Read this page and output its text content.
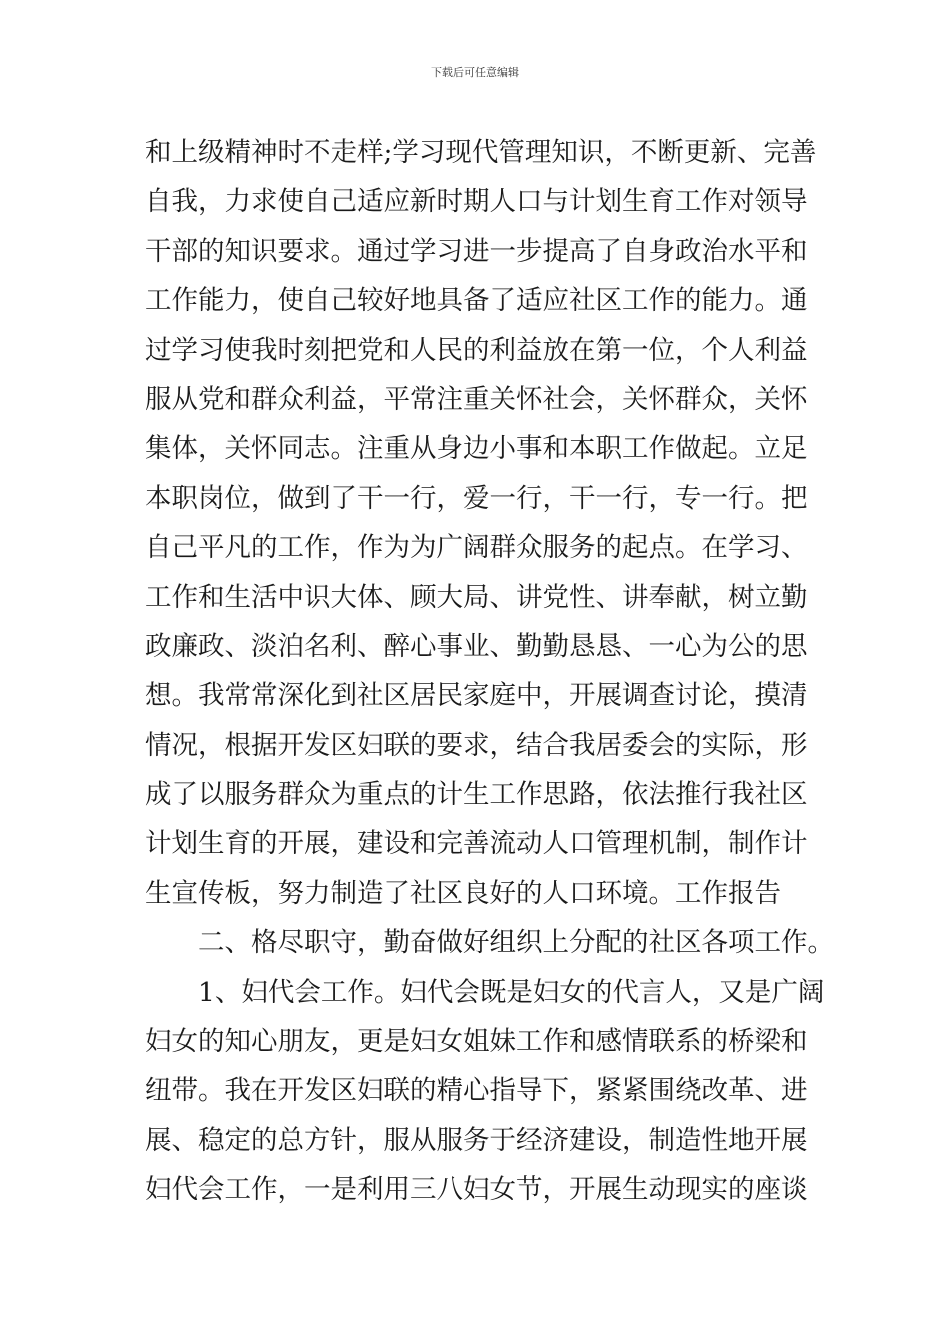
下载后可任意编辑
和上级精神时不走样;学习现代管理知识，不断更新、完善
自我，力求使自己适应新时期人口与计划生育工作对领导
干部的知识要求。通过学习进一步提高了自身政治水平和
工作能力，使自己较好地具备了适应社区工作的能力。通
过学习使我时刻把党和人民的利益放在第一位，个人利益
服从党和群众利益，平常注重关怀社会，关怀群众，关怀
集体，关怀同志。注重从身边小事和本职工作做起。立足
本职岗位，做到了干一行，爱一行，干一行，专一行。把
自己平凡的工作，作为为广阔群众服务的起点。在学习、
工作和生活中识大体、顾大局、讲党性、讲奉献，树立勤
政廉政、淡泊名利、醉心事业、勤勤恳恳、一心为公的思
想。我常常深化到社区居民家庭中，开展调查讨论，摸清
情况，根据开发区妇联的要求，结合我居委会的实际，形
成了以服务群众为重点的计生工作思路，依法推行我社区
计划生育的开展，建设和完善流动人口管理机制，制作计
生宣传板，努力制造了社区良好的人口环境。工作报告
二、格尽职守，勤奋做好组织上分配的社区各项工作。
1、妇代会工作。妇代会既是妇女的代言人，又是广阔
妇女的知心朋友，更是妇女姐妹工作和感情联系的桥梁和
纽带。我在开发区妇联的精心指导下，紧紧围绕改革、进
展、稳定的总方针，服从服务于经济建设，制造性地开展
妇代会工作，一是利用三八妇女节，开展生动现实的座谈
